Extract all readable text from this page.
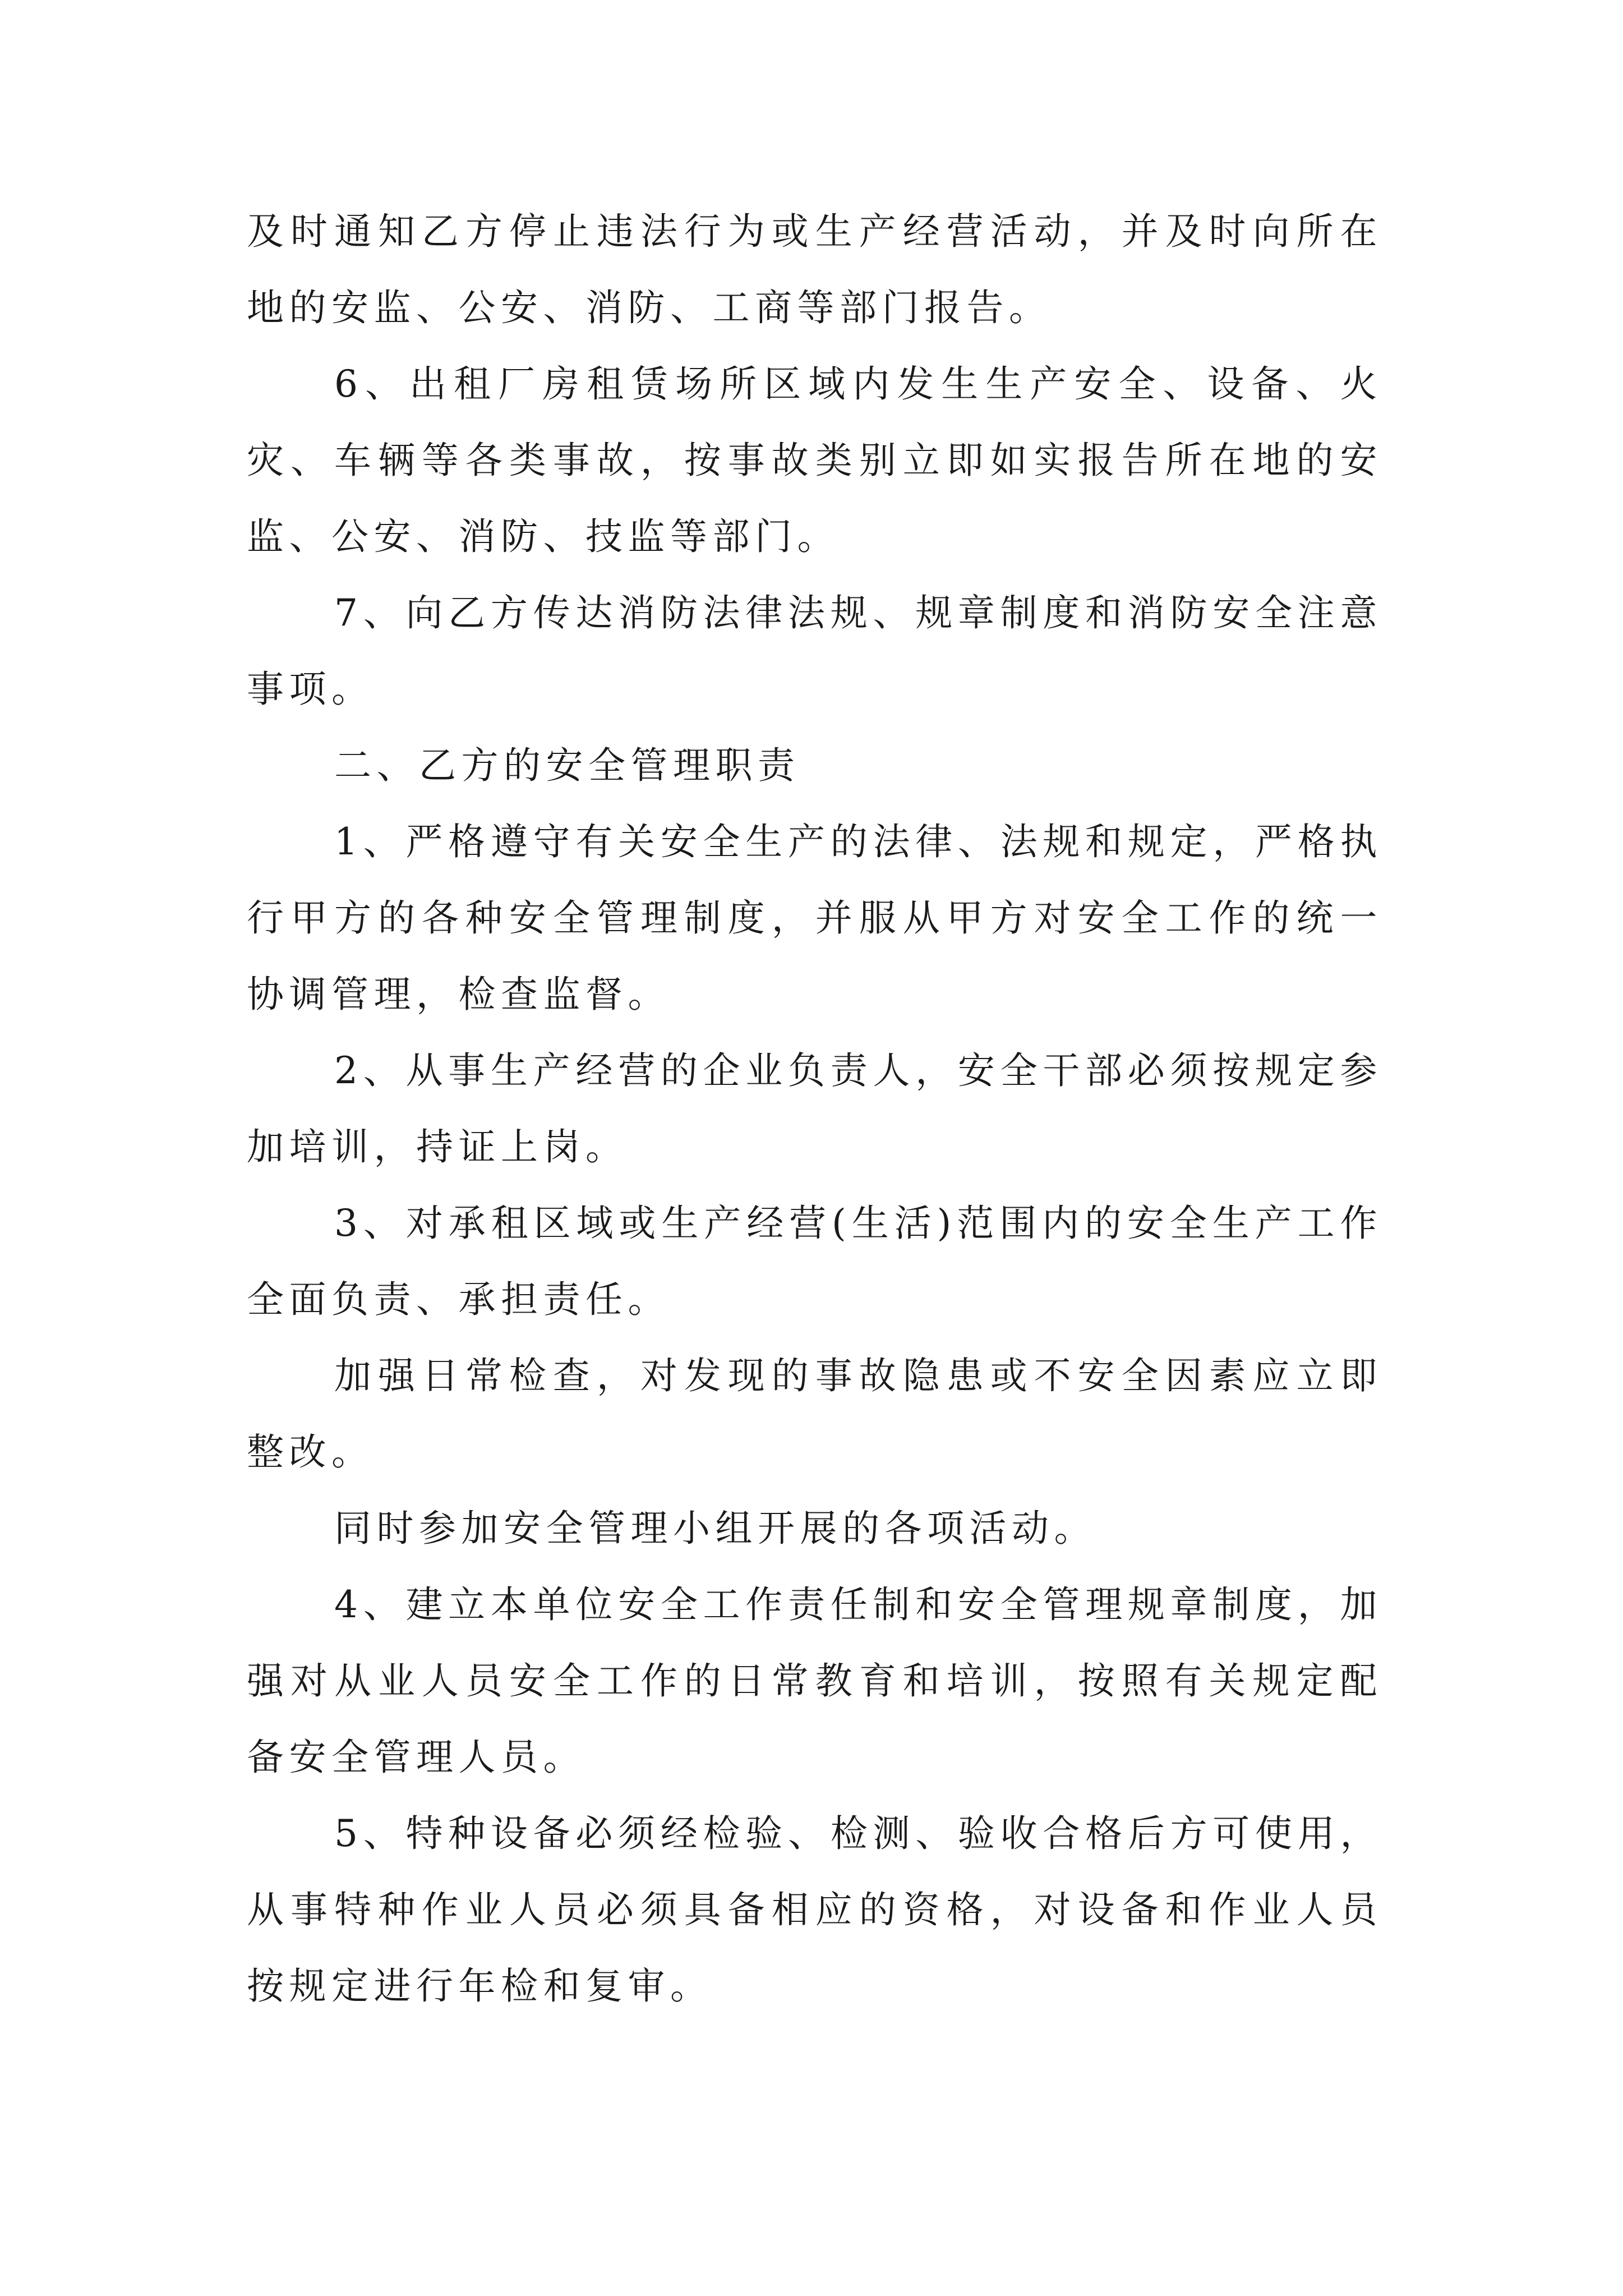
及时通知乙方停止违法行为或生产经营活动，并及时向所在地的安监、公安、消防、工商等部门报告。

6、出租厂房租赁场所区域内发生生产安全、设备、火灾、车辆等各类事故，按事故类别立即如实报告所在地的安监、公安、消防、技监等部门。

7、向乙方传达消防法律法规、规章制度和消防安全注意事项。

二、乙方的安全管理职责

1、严格遵守有关安全生产的法律、法规和规定，严格执行甲方的各种安全管理制度，并服从甲方对安全工作的统一协调管理，检查监督。

2、从事生产经营的企业负责人，安全干部必须按规定参加培训，持证上岗。

3、对承租区域或生产经营(生活)范围内的安全生产工作全面负责、承担责任。

加强日常检查，对发现的事故隐患或不安全因素应立即整改。

同时参加安全管理小组开展的各项活动。

4、建立本单位安全工作责任制和安全管理规章制度，加强对从业人员安全工作的日常教育和培训，按照有关规定配备安全管理人员。

5、特种设备必须经检验、检测、验收合格后方可使用，从事特种作业人员必须具备相应的资格，对设备和作业人员按规定进行年检和复审。
